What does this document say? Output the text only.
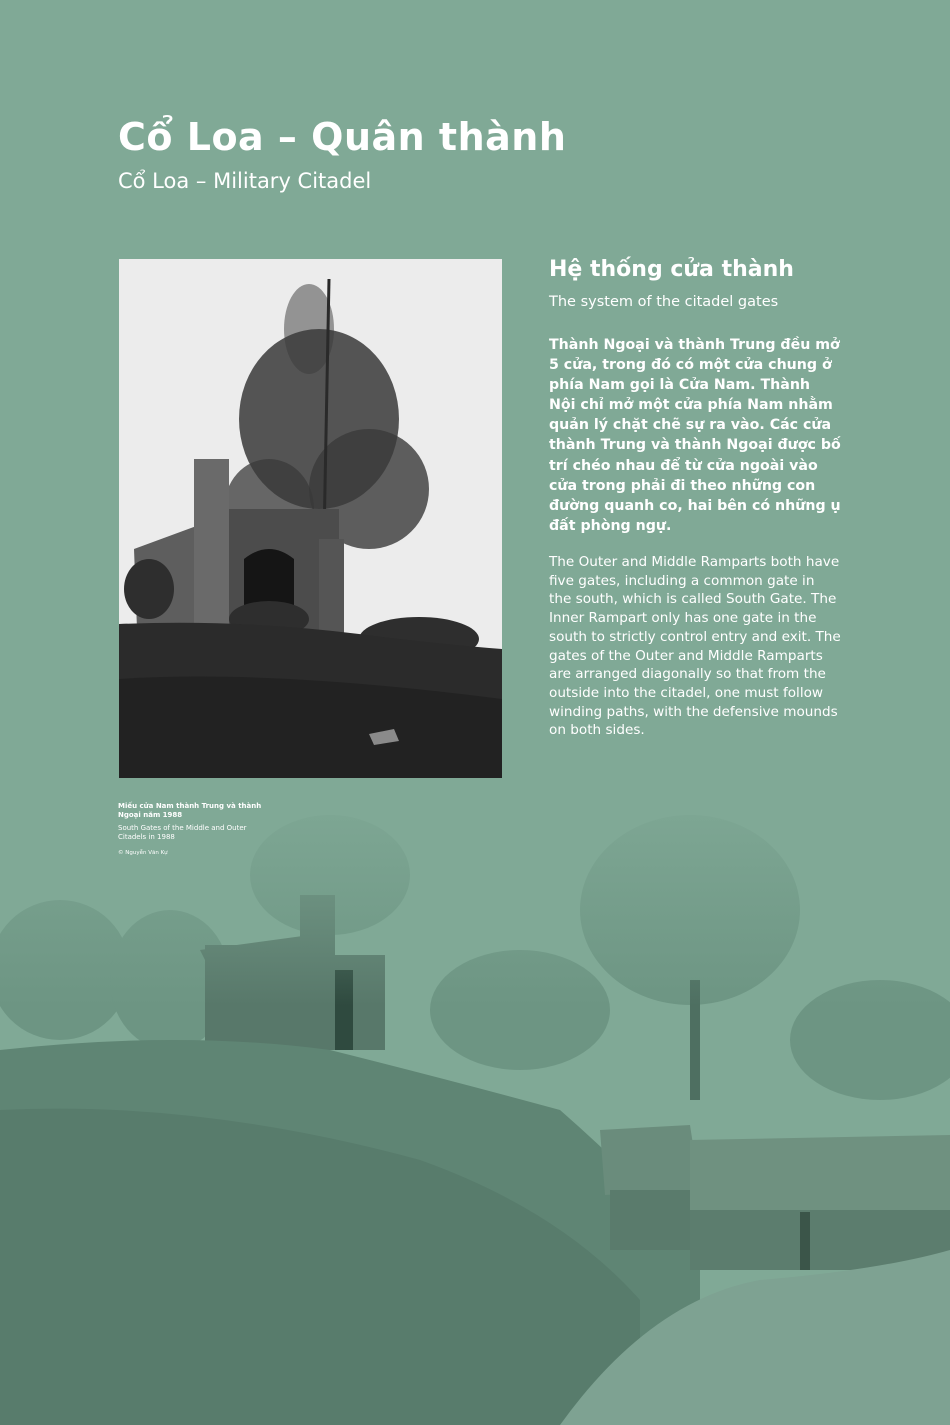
Cổ Loa – Quân thành
Cổ Loa – Military Citadel

Miếu cửa Nam thành Trung và thành Ngoại năm 1988

South Gates of the Middle and Outer Citadels in 1988

© Nguyễn Văn Kự

Hệ thống cửa thành

The system of the citadel gates

Thành Ngoại và thành Trung đều mở 5 cửa, trong đó có một cửa chung ở phía Nam gọi là Cửa Nam. Thành Nội chỉ mở một cửa phía Nam nhằm quản lý chặt chẽ sự ra vào. Các cửa thành Trung và thành Ngoại được bố trí chéo nhau để từ cửa ngoài vào cửa trong phải đi theo những con đường quanh co, hai bên có những ụ đất phòng ngự.

The Outer and Middle Ramparts both have five gates, including a common gate in the south, which is called South Gate. The Inner Rampart only has one gate in the south to strictly control entry and exit. The gates of the Outer and Middle Ramparts are arranged diagonally so that from the outside into the citadel, one must follow winding paths, with the defensive mounds on both sides.
